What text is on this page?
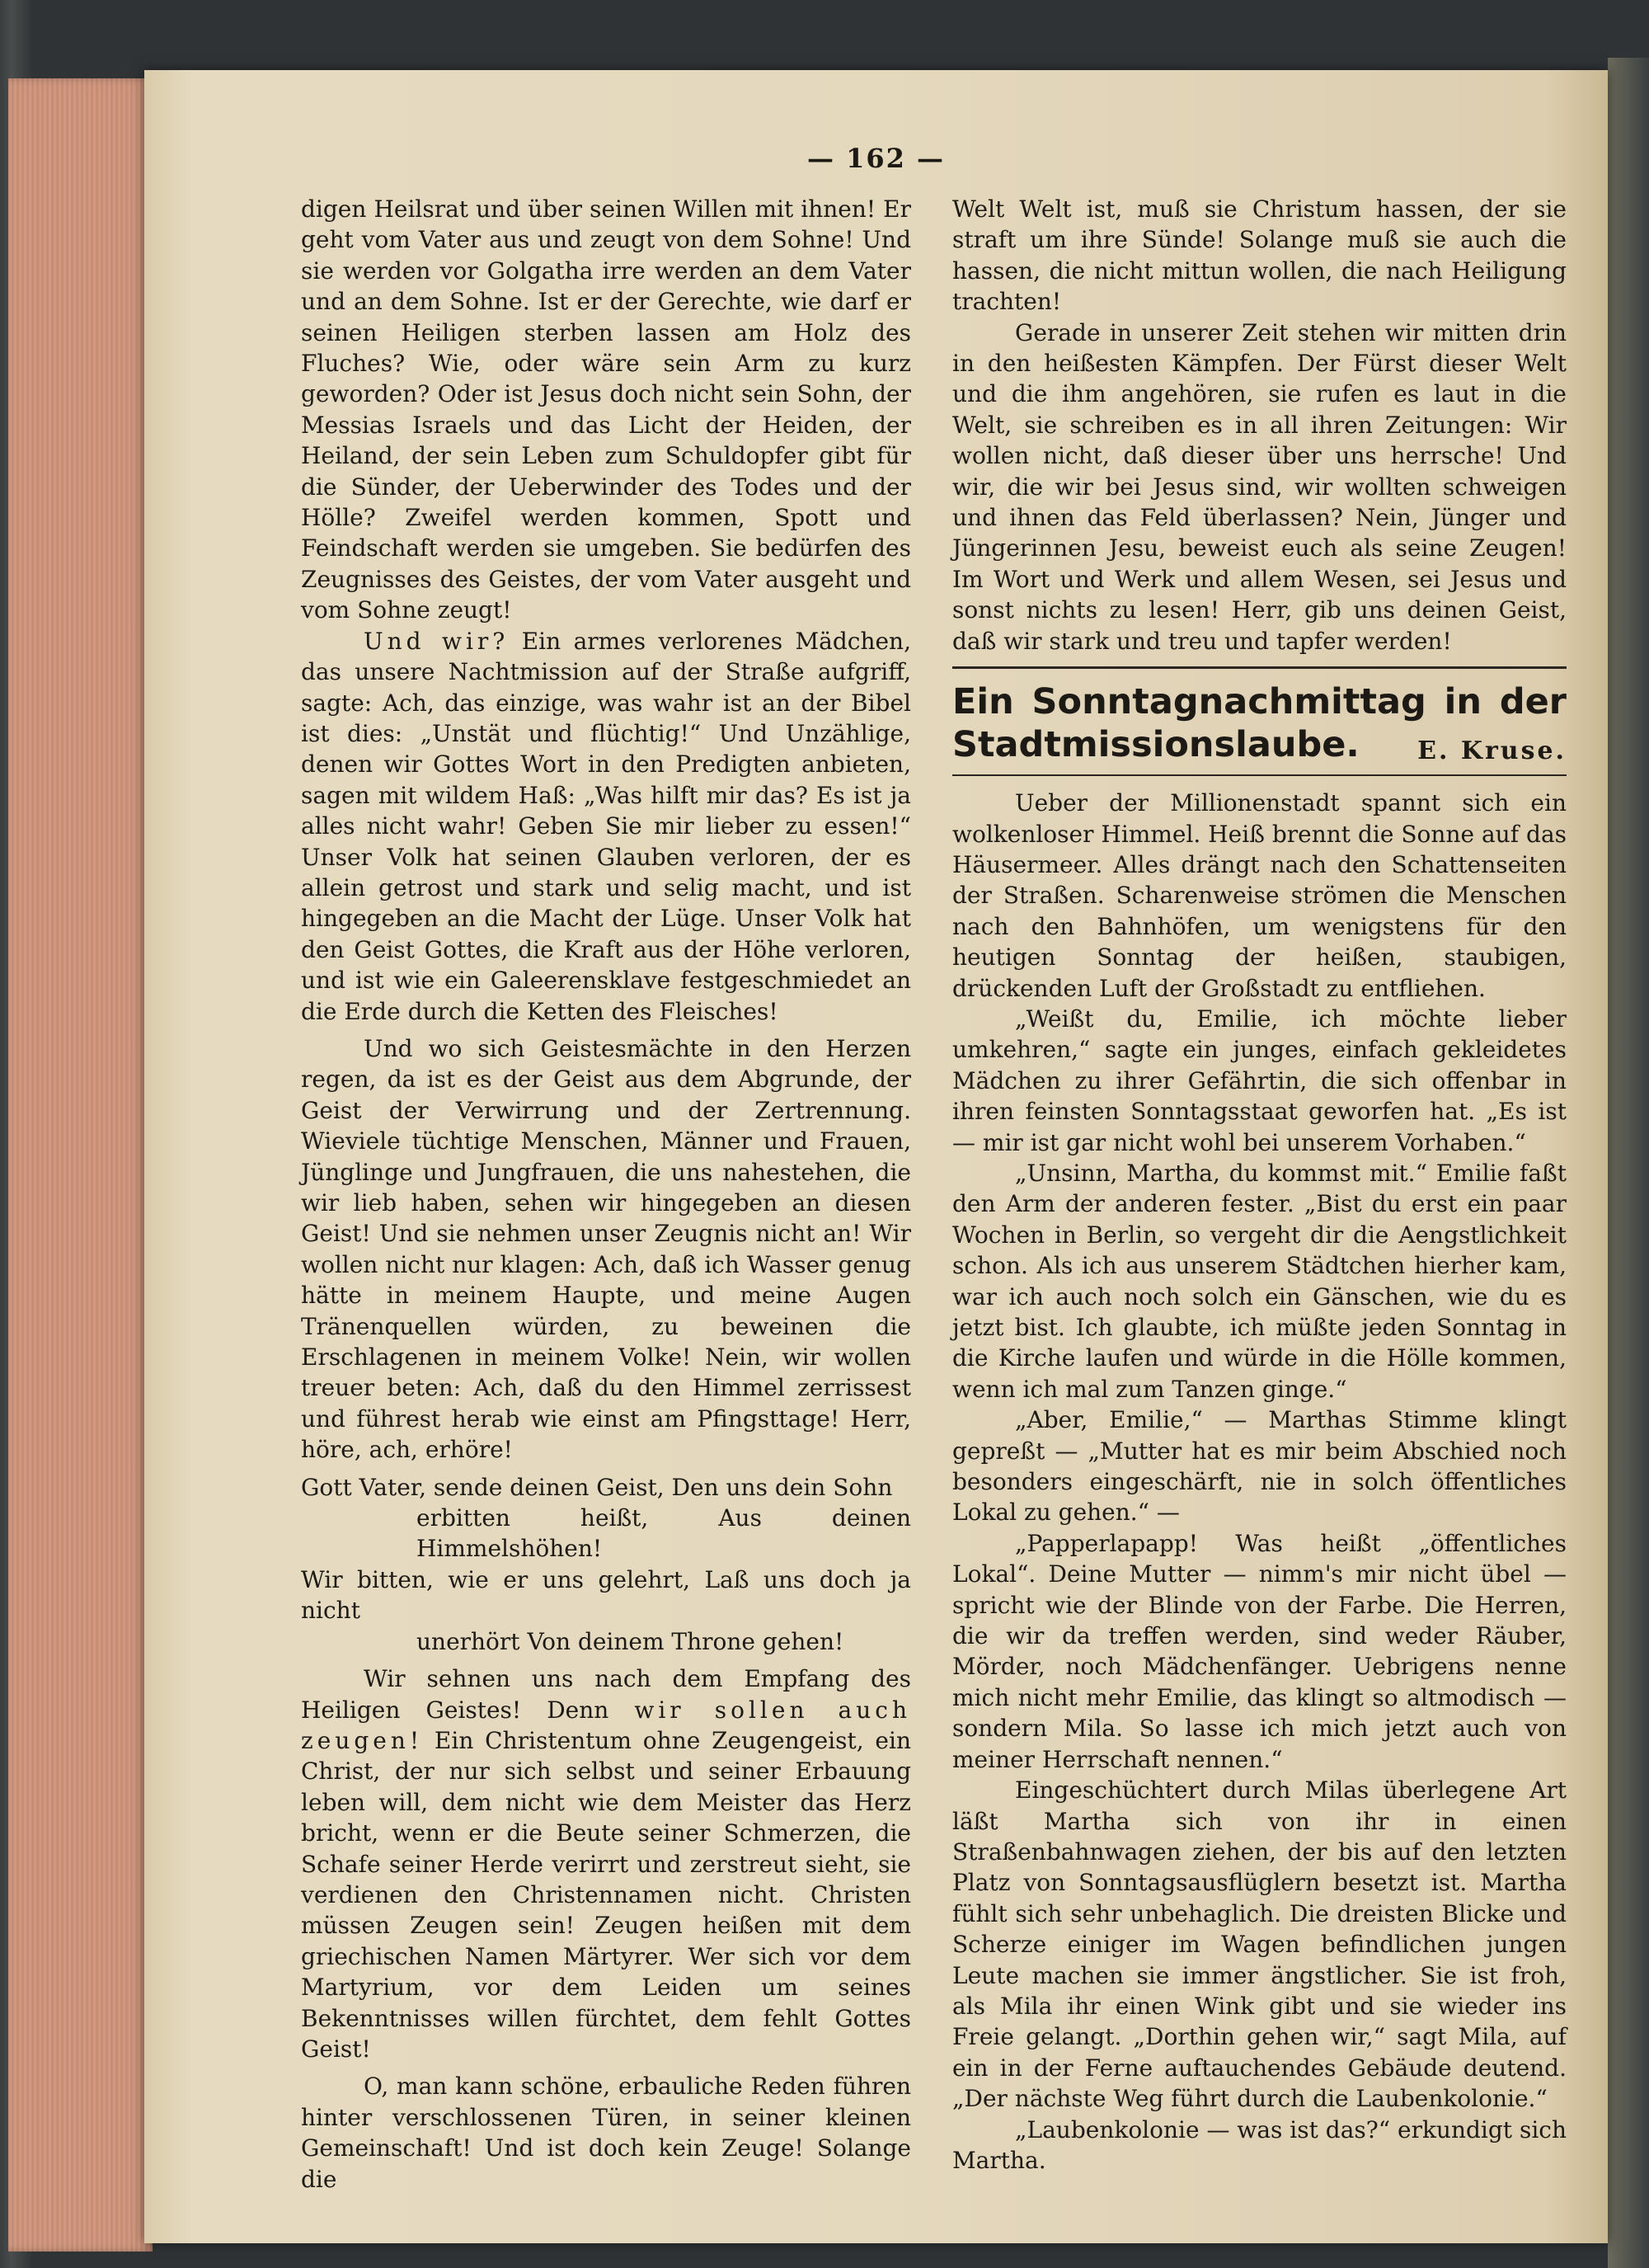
— 162 —

digen Heilsrat und über seinen Willen mit ihnen! Er geht vom Vater aus und zeugt von dem Sohne! Und sie werden vor Golgatha irre werden an dem Vater und an dem Sohne. Ist er der Gerechte, wie darf er seinen Heiligen sterben lassen am Holz des Fluches? Wie, oder wäre sein Arm zu kurz geworden? Oder ist Jesus doch nicht sein Sohn, der Messias Israels und das Licht der Heiden, der Heiland, der sein Leben zum Schuldopfer gibt für die Sünder, der Ueberwinder des Todes und der Hölle? Zweifel werden kommen, Spott und Feindschaft werden sie umgeben. Sie bedürfen des Zeugnisses des Geistes, der vom Vater ausgeht und vom Sohne zeugt!

Und wir? Ein armes verlorenes Mädchen, das unsere Nachtmission auf der Straße aufgriff, sagte: Ach, das einzige, was wahr ist an der Bibel ist dies: „Unstät und flüchtig!“ Und Unzählige, denen wir Gottes Wort in den Predigten anbieten, sagen mit wildem Haß: „Was hilft mir das? Es ist ja alles nicht wahr! Geben Sie mir lieber zu essen!“ Unser Volk hat seinen Glauben verloren, der es allein getrost und stark und selig macht, und ist hingegeben an die Macht der Lüge. Unser Volk hat den Geist Gottes, die Kraft aus der Höhe verloren, und ist wie ein Galeerensklave festgeschmiedet an die Erde durch die Ketten des Fleisches!

Und wo sich Geistesmächte in den Herzen regen, da ist es der Geist aus dem Abgrunde, der Geist der Verwirrung und der Zertrennung. Wieviele tüchtige Menschen, Männer und Frauen, Jünglinge und Jungfrauen, die uns nahestehen, die wir lieb haben, sehen wir hingegeben an diesen Geist! Und sie nehmen unser Zeugnis nicht an! Wir wollen nicht nur klagen: Ach, daß ich Wasser genug hätte in meinem Haupte, und meine Augen Tränenquellen würden, zu beweinen die Erschlagenen in meinem Volke! Nein, wir wollen treuer beten: Ach, daß du den Himmel zerrissest und führest herab wie einst am Pfingsttage! Herr, höre, ach, erhöre!

Gott Vater, sende deinen Geist, Den uns dein Sohn

erbitten heißt, Aus deinen Himmelshöhen!

Wir bitten, wie er uns gelehrt, Laß uns doch ja nicht

unerhört Von deinem Throne gehen!

Wir sehnen uns nach dem Empfang des Heiligen Geistes! Denn wir sollen auch zeugen! Ein Christentum ohne Zeugengeist, ein Christ, der nur sich selbst und seiner Erbauung leben will, dem nicht wie dem Meister das Herz bricht, wenn er die Beute seiner Schmerzen, die Schafe seiner Herde verirrt und zerstreut sieht, sie verdienen den Christennamen nicht. Christen müssen Zeugen sein! Zeugen heißen mit dem griechischen Namen Märtyrer. Wer sich vor dem Martyrium, vor dem Leiden um seines Bekenntnisses willen fürchtet, dem fehlt Gottes Geist!

O, man kann schöne, erbauliche Reden führen hinter verschlossenen Türen, in seiner kleinen Gemeinschaft! Und ist doch kein Zeuge! Solange die

Welt Welt ist, muß sie Christum hassen, der sie straft um ihre Sünde! Solange muß sie auch die hassen, die nicht mittun wollen, die nach Heiligung trachten!

Gerade in unserer Zeit stehen wir mitten drin in den heißesten Kämpfen. Der Fürst dieser Welt und die ihm angehören, sie rufen es laut in die Welt, sie schreiben es in all ihren Zeitungen: Wir wollen nicht, daß dieser über uns herrsche! Und wir, die wir bei Jesus sind, wir wollten schweigen und ihnen das Feld überlassen? Nein, Jünger und Jüngerinnen Jesu, beweist euch als seine Zeugen! Im Wort und Werk und allem Wesen, sei Jesus und sonst nichts zu lesen! Herr, gib uns deinen Geist, daß wir stark und treu und tapfer werden!

Ein Sonntagnachmittag in der Stadtmissionslaube. E. Kruse.

Ueber der Millionenstadt spannt sich ein wolkenloser Himmel. Heiß brennt die Sonne auf das Häusermeer. Alles drängt nach den Schattenseiten der Straßen. Scharenweise strömen die Menschen nach den Bahnhöfen, um wenigstens für den heutigen Sonntag der heißen, staubigen, drückenden Luft der Großstadt zu entfliehen.

„Weißt du, Emilie, ich möchte lieber umkehren,“ sagte ein junges, einfach gekleidetes Mädchen zu ihrer Gefährtin, die sich offenbar in ihren feinsten Sonntagsstaat geworfen hat. „Es ist — mir ist gar nicht wohl bei unserem Vorhaben.“

„Unsinn, Martha, du kommst mit.“ Emilie faßt den Arm der anderen fester. „Bist du erst ein paar Wochen in Berlin, so vergeht dir die Aengstlichkeit schon. Als ich aus unserem Städtchen hierher kam, war ich auch noch solch ein Gänschen, wie du es jetzt bist. Ich glaubte, ich müßte jeden Sonntag in die Kirche laufen und würde in die Hölle kommen, wenn ich mal zum Tanzen ginge.“

„Aber, Emilie,“ — Marthas Stimme klingt gepreßt — „Mutter hat es mir beim Abschied noch besonders eingeschärft, nie in solch öffentliches Lokal zu gehen.“ —

„Papperlapapp! Was heißt „öffentliches Lokal“. Deine Mutter — nimm's mir nicht übel — spricht wie der Blinde von der Farbe. Die Herren, die wir da treffen werden, sind weder Räuber, Mörder, noch Mädchenfänger. Uebrigens nenne mich nicht mehr Emilie, das klingt so altmodisch — sondern Mila. So lasse ich mich jetzt auch von meiner Herrschaft nennen.“

Eingeschüchtert durch Milas überlegene Art läßt Martha sich von ihr in einen Straßenbahnwagen ziehen, der bis auf den letzten Platz von Sonntagsausflüglern besetzt ist. Martha fühlt sich sehr unbehaglich. Die dreisten Blicke und Scherze einiger im Wagen befindlichen jungen Leute machen sie immer ängstlicher. Sie ist froh, als Mila ihr einen Wink gibt und sie wieder ins Freie gelangt. „Dorthin gehen wir,“ sagt Mila, auf ein in der Ferne auftauchendes Gebäude deutend. „Der nächste Weg führt durch die Laubenkolonie.“

„Laubenkolonie — was ist das?“ erkundigt sich Martha.
